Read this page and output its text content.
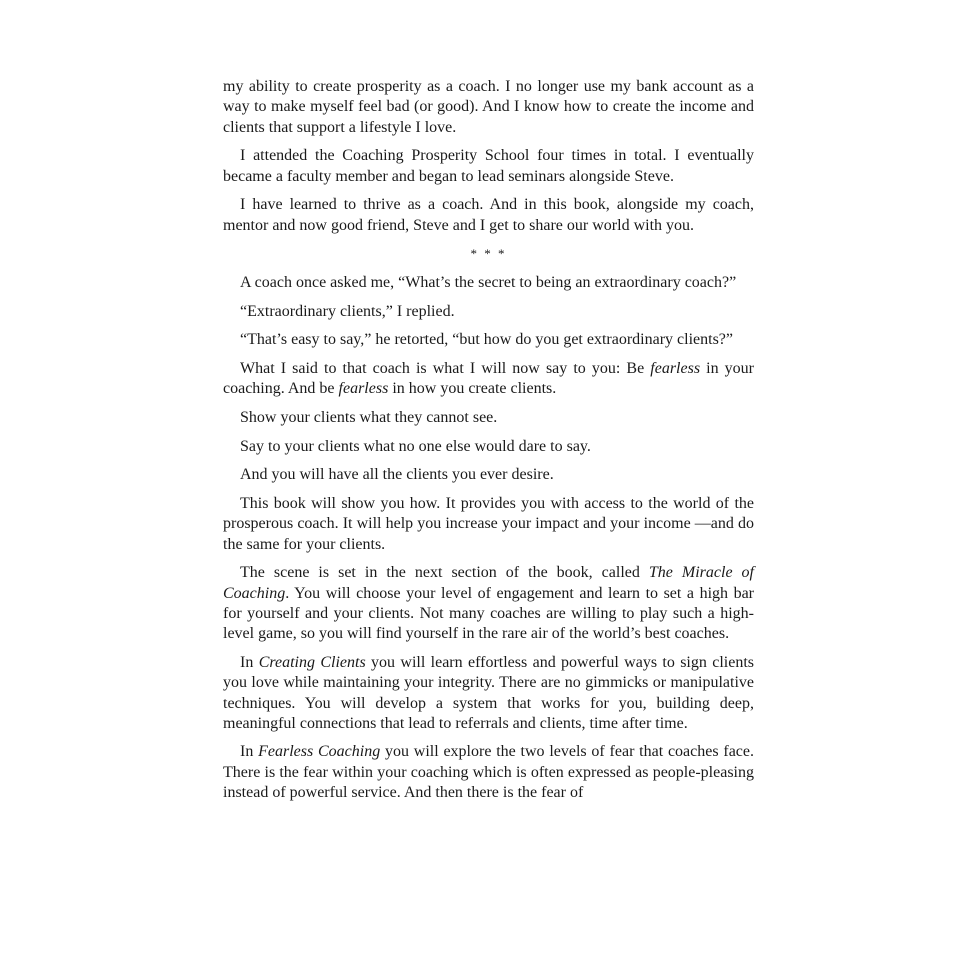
my ability to create prosperity as a coach. I no longer use my bank account as a way to make myself feel bad (or good). And I know how to create the income and clients that support a lifestyle I love.

I attended the Coaching Prosperity School four times in total. I eventually became a faculty member and began to lead seminars alongside Steve.

I have learned to thrive as a coach. And in this book, alongside my coach, mentor and now good friend, Steve and I get to share our world with you.

* * *

A coach once asked me, “What’s the secret to being an extraordinary coach?”

“Extraordinary clients,” I replied.

“That’s easy to say,” he retorted, “but how do you get extraordinary clients?”

What I said to that coach is what I will now say to you: Be fearless in your coaching. And be fearless in how you create clients.

Show your clients what they cannot see.

Say to your clients what no one else would dare to say.

And you will have all the clients you ever desire.

This book will show you how. It provides you with access to the world of the prosperous coach. It will help you increase your impact and your income —and do the same for your clients.

The scene is set in the next section of the book, called The Miracle of Coaching. You will choose your level of engagement and learn to set a high bar for yourself and your clients. Not many coaches are willing to play such a high-level game, so you will find yourself in the rare air of the world’s best coaches.

In Creating Clients you will learn effortless and powerful ways to sign clients you love while maintaining your integrity. There are no gimmicks or manipulative techniques. You will develop a system that works for you, building deep, meaningful connections that lead to referrals and clients, time after time.

In Fearless Coaching you will explore the two levels of fear that coaches face. There is the fear within your coaching which is often expressed as people-pleasing instead of powerful service. And then there is the fear of
